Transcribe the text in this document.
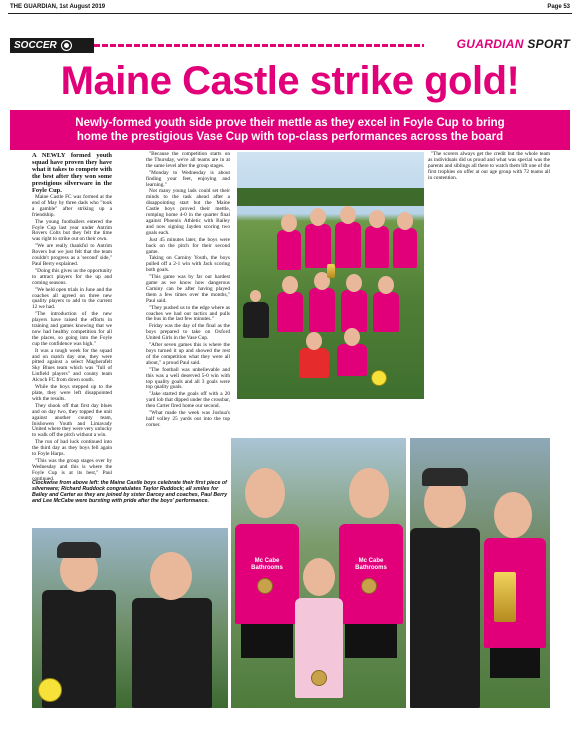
THE GUARDIAN, 1st August 2019	Page 53
SOCCER	GUARDIAN SPORT
Maine Castle strike gold!
Newly-formed youth side prove their mettle as they excel in Foyle Cup to bring
home the prestigious Vase Cup with top-class performances across the board

A NEWLY formed youth squad have proven they have what it takes to compete with the best after they won some prestigious silverware in the Foyle Cup.

Maine Castle FC was formed at the end of May by three dads who "took a gamble" after striking up a friendship.

The young footballers entered the Foyle Cup last year under Antrim Rovers Colts but they felt the time was right to strike out on their own.

"We are really thankful to Antrim Rovers but we just felt that the team couldn't progress as a 'second' side," Paul Berry explained.

"Doing this gives us the opportunity to attract players for the up and coming seasons.

"We held open trials in June and the coaches all agreed on three new quality players to add to the current 12 we had.

"The introduction of the new players have raised the efforts in training and games knowing that we now had healthy competition for all the places, so going into the Foyle cup the confidence was high."

It was a tough week for the squad and on match day one, they were pitted against a select Magherafelt Sky Blues team which was "full of Linfield players" and county team Alcoch FC from down south.

While the boys stepped up to the plate, they were left disappointed with the results.

They shook off that first day blues and on day two, they topped the unit against another county team, Inishowen Youth and Limavady United where they were very unlucky to walk off the pitch without a win.

The run of bad luck continued into the third day as they boys fell again to Foyle Harps.

"This was the group stages over by Wednesday and this is where the Foyle Cup is at its best," Paul continued.

"Because the competition starts on the Thursday, we're all teams are in at the same level after the group stages.

"Monday to Wednesday is about finding your feet, enjoying and learning."

Not many young lads could set their minds to the task ahead after a disappointing start but the Maine Castle boys proved their mettle, romping home 4-0 in the quarter final against Phoenix Athletic with Bailey and now signing Jayden scoring two goals each.

Just 45 minutes later, the boys were back on the pitch for their second game.

Taking on Carniny Youth, the boys pulled off a 2-1 win with Jack scoring both goals.

"This game was by far our hardest game as we know how dangerous Carniny can be after having played them a few times over the months," Paul said.

"They pushed us to the edge where as coaches we had our tactics and pulls the bus in the last few minutes."

Friday was the day of the final as the boys prepared to take on Oxford United Girls in the Vase Cup.

"After seven games this is where the boys turned it up and showed the rest of the competition what they were all about," a proud Paul said.

"The football was unbelievable and this was a well deserved 5-0 win with top quality goals and all 3 goals were top quality goals.

"Jake started the goals off with a 20 yard lob that dipped under the crossbar, then Carter fired home our second.

"What made the week was Joshua's half volley 25 yards out into the top corner.

"The scorers always get the credit but the whole team as individuals did us proud and what was special was the parents and siblings all there to watch them lift one of the first trophies on offer at our age group with 72 teams all in contention.

Clockwise from above left: the Maine Castle boys celebrate their first piece of silverware; Richard Ruddock congratulates Taylor Ruddock; all smiles for Bailey and Carter as they are joined by sister Darcey and coaches, Paul Berry and Lee McCabe were bursting with pride after the boys' performance.
Mc Cabe
Bathrooms
Mc Cabe
Bathrooms
